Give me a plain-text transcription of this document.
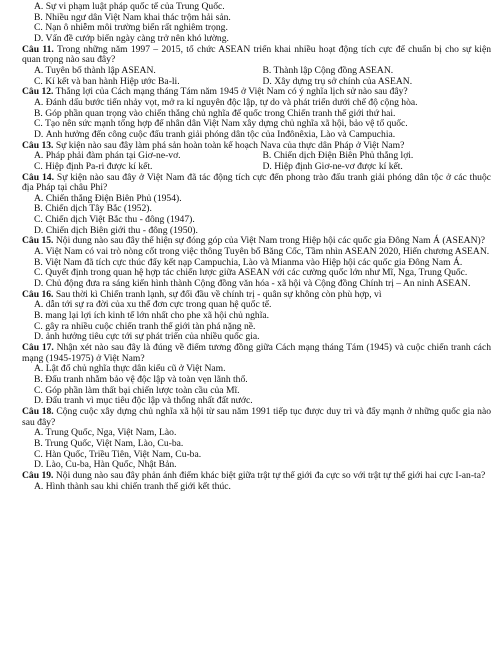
A. Sự vi phạm luật pháp quốc tế của Trung Quốc.
B. Nhiều ngư dân Việt Nam khai thác trộm hải sản.
C. Nạn ô nhiễm môi trường biển rất nghiêm trọng.
D. Vấn đề cướp biển ngày càng trở nên khó lường.
Câu 11. Trong những năm 1997 – 2015, tổ chức ASEAN triển khai nhiều hoạt động tích cực để chuẩn bị cho sự kiện quan trọng nào sau đây?
A. Tuyên bố thành lập ASEAN.	B. Thành lập Cộng đồng ASEAN.
C. Kí kết và ban hành Hiệp ước Ba-li.	D. Xây dựng trụ sở chính của ASEAN.
Câu 12. Thắng lợi của Cách mạng tháng Tám năm 1945 ở Việt Nam có ý nghĩa lịch sử nào sau đây?
A. Đánh dấu bước tiến nhảy vọt, mở ra kỉ nguyên độc lập, tự do và phát triển dưới chế độ cộng hòa.
B. Góp phần quan trọng vào chiến thắng chủ nghĩa đế quốc trong Chiến tranh thế giới thứ hai.
C. Tạo nên sức mạnh tổng hợp để nhân dân Việt Nam xây dựng chủ nghĩa xã hội, bảo vệ tổ quốc.
D. Ảnh hưởng đến công cuộc đấu tranh giải phóng dân tộc của Inđônêxia, Lào và Campuchia.
Câu 13. Sự kiện nào sau đây làm phá sản hoàn toàn kế hoạch Nava của thực dân Pháp ở Việt Nam?
A. Pháp phải đàm phán tại Giơ-ne-vơ.	B. Chiến dịch Điện Biên Phủ thắng lợi.
C. Hiệp định Pa-ri được kí kết.	D. Hiệp định Giơ-ne-vơ được kí kết.
Câu 14. Sự kiện nào sau đây ở Việt Nam đã tác động tích cực đến phong trào đấu tranh giải phóng dân tộc ở các thuộc địa Pháp tại châu Phi?
A. Chiến thắng Điện Biên Phủ (1954).
B. Chiến dịch Tây Bắc (1952).
C. Chiến dịch Việt Bắc thu - đông (1947).
D. Chiến dịch Biên giới thu - đông (1950).
Câu 15. Nội dung nào sau đây thể hiện sự đóng góp của Việt Nam trong Hiệp hội các quốc gia Đông Nam Á (ASEAN)?
A. Việt Nam có vai trò nòng cốt trong việc thông Tuyên bố Băng Cốc, Tầm nhìn ASEAN 2020, Hiến chương ASEAN.
B. Việt Nam đã tích cực thúc đẩy kết nạp Campuchia, Lào và Mianma vào Hiệp hội các quốc gia Đông Nam Á.
C. Quyết định trong quan hệ hợp tác chiến lược giữa ASEAN với các cường quốc lớn như Mĩ, Nga, Trung Quốc.
D. Chủ động đưa ra sáng kiến hình thành Cộng đồng văn hóa - xã hội và Cộng đồng Chính trị – An ninh ASEAN.
Câu 16. Sau thời kì Chiến tranh lạnh, sự đối đầu về chính trị - quân sự không còn phù hợp, vì
A. dẫn tới sự ra đời của xu thế đơn cực trong quan hệ quốc tế.
B. mang lại lợi ích kinh tế lớn nhất cho phe xã hội chủ nghĩa.
C. gây ra nhiều cuộc chiến tranh thế giới tàn phá nặng nề.
D. ảnh hưởng tiêu cực tới sự phát triển của nhiều quốc gia.
Câu 17. Nhận xét nào sau đây là đúng về điểm tương đồng giữa Cách mạng tháng Tám (1945) và cuộc chiến tranh cách mạng (1945-1975) ở Việt Nam?
A. Lật đổ chủ nghĩa thực dân kiểu cũ ở Việt Nam.
B. Đấu tranh nhằm bảo vệ độc lập và toàn vẹn lãnh thổ.
C. Góp phần làm thất bại chiến lược toàn cầu của Mĩ.
D. Đấu tranh vì mục tiêu độc lập và thống nhất đất nước.
Câu 18. Cộng cuộc xây dựng chủ nghĩa xã hội từ sau năm 1991 tiếp tục được duy trì và đẩy mạnh ở những quốc gia nào sau đây?
A. Trung Quốc, Nga, Việt Nam, Lào.
B. Trung Quốc, Việt Nam, Lào, Cu-ba.
C. Hàn Quốc, Triều Tiên, Việt Nam, Cu-ba.
D. Lào, Cu-ba, Hàn Quốc, Nhật Bản.
Câu 19. Nội dung nào sau đây phản ánh điểm khác biệt giữa trật tự thế giới đa cực so với trật tự thế giới hai cực I-an-ta?
A. Hình thành sau khi chiến tranh thế giới kết thúc.
